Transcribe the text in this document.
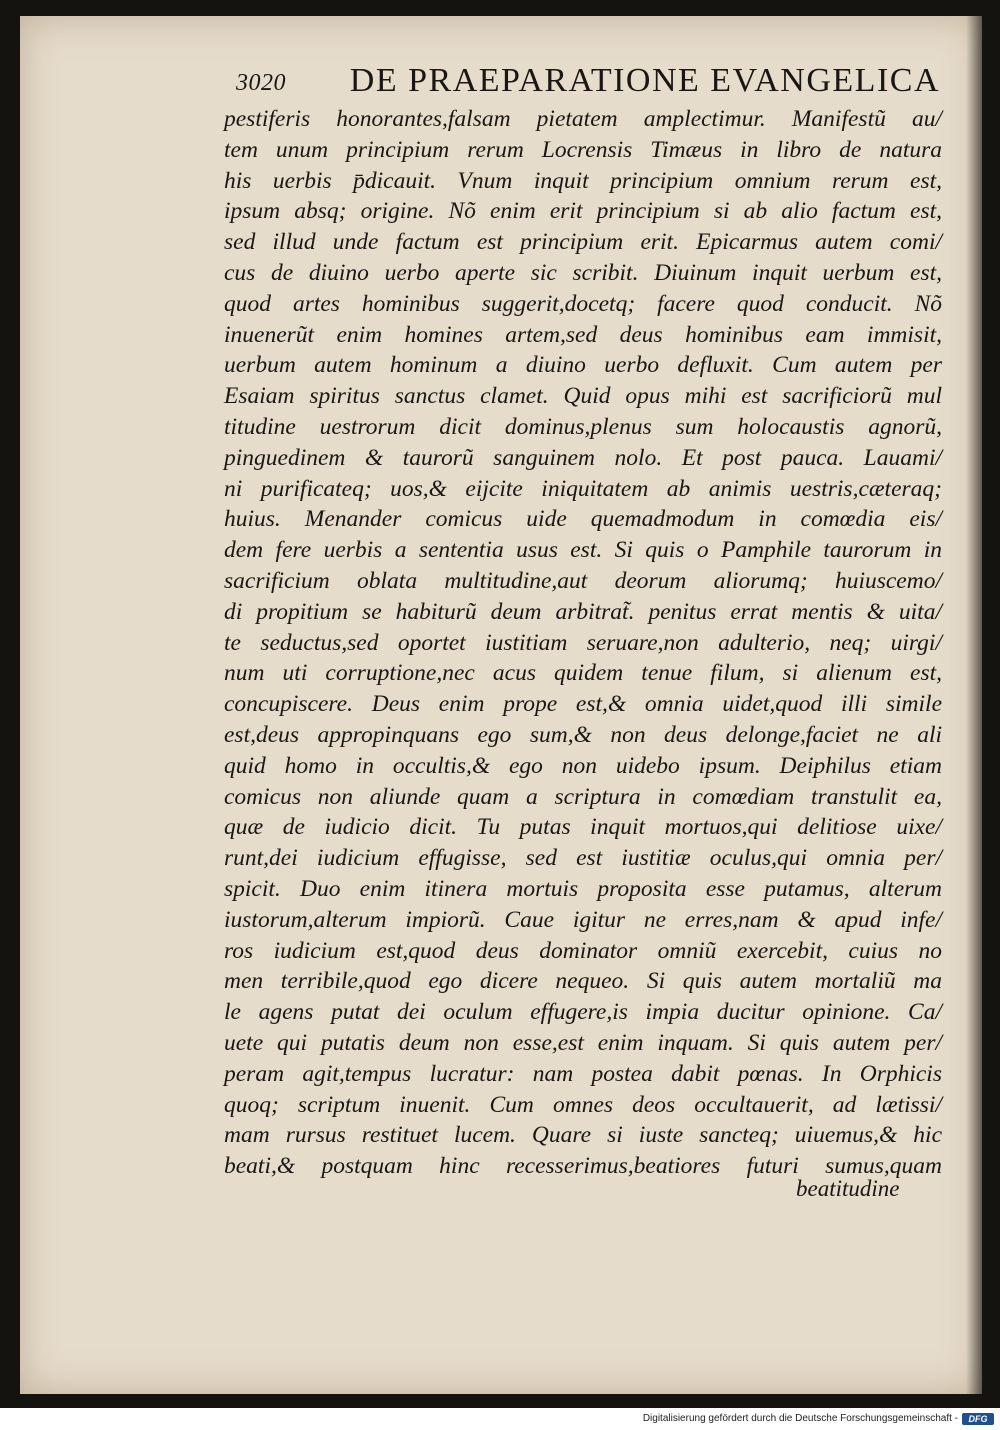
3020 DE PRAEPARATIONE EVANGELICA
pestiferis honorantes,falsam pietatem amplectimur. Manifestũ au/
tem unum principium rerum Locrensis Timæus in libro de natura
his uerbis p̄dicauit. Vnum inquit principium omnium rerum est,
ipsum absq; origine. Nõ enim erit principium si ab alio factum est,
sed illud unde factum est principium erit. Epicarmus autem comi/
cus de diuino uerbo aperte sic scribit. Diuinum inquit uerbum est,
quod artes hominibus suggerit,docetq; facere quod conducit. Nõ
inuenerũt enim homines artem,sed deus hominibus eam immisit,
uerbum autem hominum a diuino uerbo defluxit. Cum autem per
Esaiam spiritus sanctus clamet. Quid opus mihi est sacrificiorũ mul
titudine uestrorum dicit dominus,plenus sum holocaustis agnorũ,
pinguedinem & taurorũ sanguinem nolo. Et post pauca. Lauami/
ni purificateq; uos,& eijcite iniquitatem ab animis uestris,cæteraq;
huius. Menander comicus uide quemadmodum in comœdia eis/
dem fere uerbis a sententia usus est. Si quis o Pamphile taurorum in
sacrificium oblata multitudine,aut deorum aliorumq; huiuscemo/
di propitium se habiturũ deum arbitrat̃. penitus errat mentis & uita/
te seductus,sed oportet iustitiam seruare,non adulterio, neq; uirgi/
num uti corruptione,nec acus quidem tenue filum, si alienum est,
concupiscere. Deus enim prope est,& omnia uidet,quod illi simile
est,deus appropinquans ego sum,& non deus delonge,faciet ne ali
quid homo in occultis,& ego non uidebo ipsum. Deiphilus etiam
comicus non aliunde quam a scriptura in comœdiam transtulit ea,
quæ de iudicio dicit. Tu putas inquit mortuos,qui delitiose uixe/
runt,dei iudicium effugisse, sed est iustitiæ oculus,qui omnia per/
spicit. Duo enim itinera mortuis proposita esse putamus, alterum
iustorum,alterum impiorũ. Caue igitur ne erres,nam & apud infe/
ros iudicium est,quod deus dominator omniũ exercebit, cuius no
men terribile,quod ego dicere nequeo. Si quis autem mortaliũ ma
le agens putat dei oculum effugere,is impia ducitur opinione. Ca/
uete qui putatis deum non esse,est enim inquam. Si quis autem per/
peram agit,tempus lucratur: nam postea dabit pœnas. In Orphicis
quoq; scriptum inuenit. Cum omnes deos occultauerit, ad lætissi/
mam rursus restituet lucem. Quare si iuste sancteq; uiuemus,& hic
beati,& postquam hinc recesserimus,beatiores futuri sumus,quam
beatitudine
Digitalisierung gefördert durch die Deutsche Forschungsgemeinschaft -	DFG
